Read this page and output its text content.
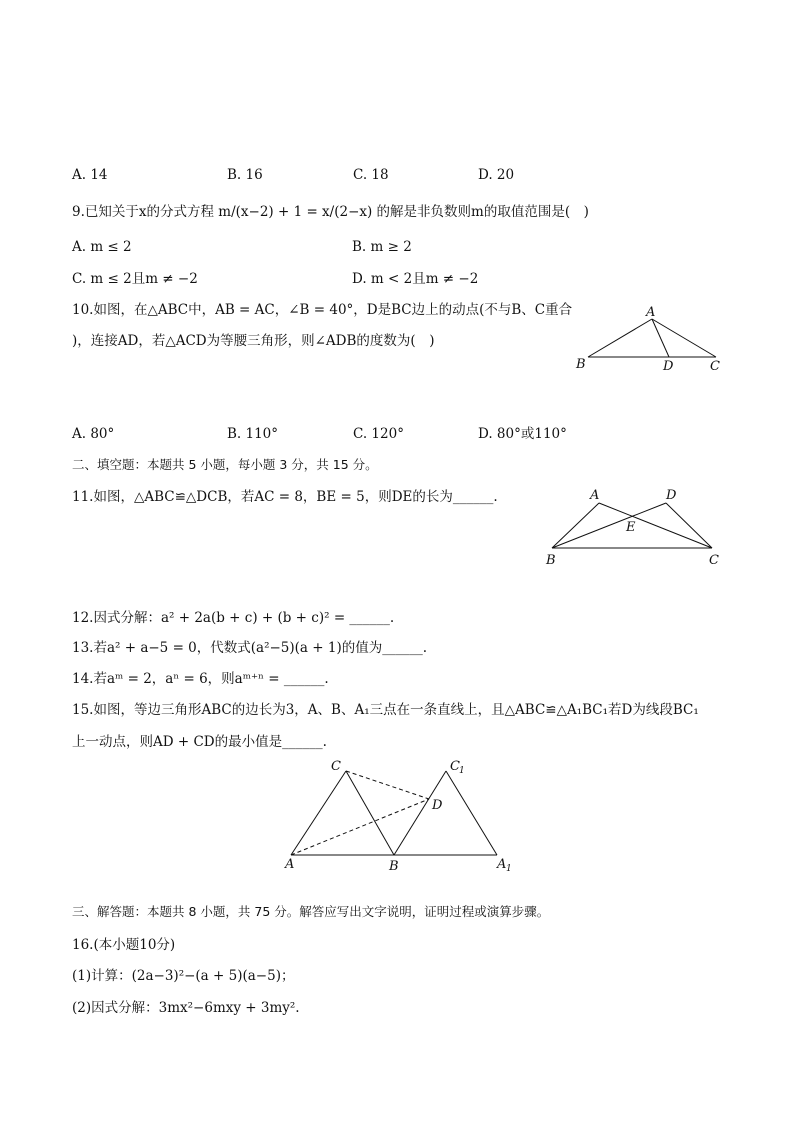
A. 14	B. 16	C. 18	D. 20
9.已知关于x的分式方程 m/(x−2) + 1 = x/(2−x) 的解是非负数则m的取值范围是(　)
A. m ≤ 2	B. m ≥ 2
C. m ≤ 2且m ≠ −2	D. m < 2且m ≠ −2
10.如图，在△ABC中，AB = AC，∠B = 40°，D是BC边上的动点(不与B、C重合
)，连接AD，若△ACD为等腰三角形，则∠ADB的度数为(　)
A
B	D	C
A. 80°	B. 110°	C. 120°	D. 80°或110°
二、填空题：本题共 5 小题，每小题 3 分，共 15 分。
11.如图，△ABC≌△DCB，若AC = 8，BE = 5，则DE的长为______.	A	D
E
B	C
12.因式分解：a² + 2a(b + c) + (b + c)² = ______.
13.若a² + a−5 = 0，代数式(a²−5)(a + 1)的值为______.
14.若aᵐ = 2，aⁿ = 6，则aᵐ⁺ⁿ = ______.
15.如图，等边三角形ABC的边长为3，A、B、A₁三点在一条直线上，且△ABC≌△A₁BC₁若D为线段BC₁
上一动点，则AD + CD的最小值是______.
C	C 1
D
A	B	A 1
三、解答题：本题共 8 小题，共 75 分。解答应写出文字说明，证明过程或演算步骤。
16.(本小题10分)
(1)计算：(2a−3)²−(a + 5)(a−5)；
(2)因式分解：3mx²−6mxy + 3my².
